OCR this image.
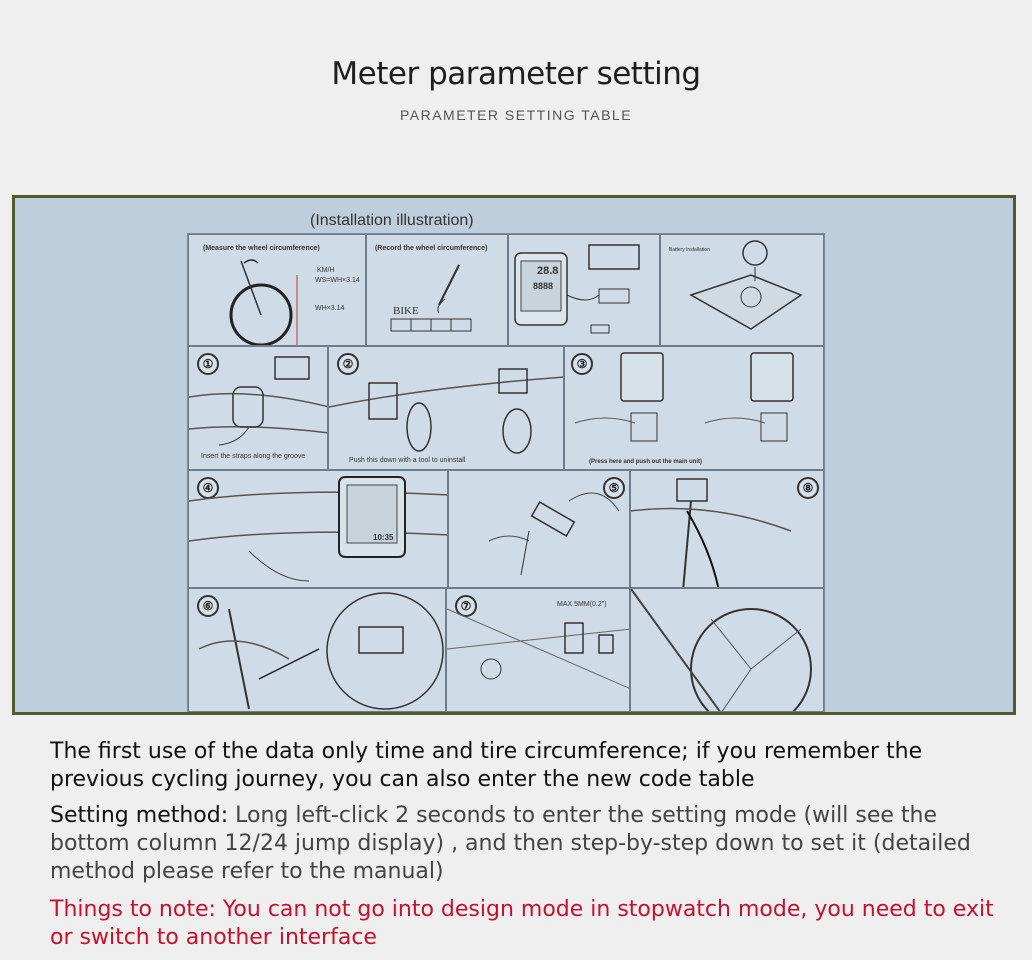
Meter parameter setting
PARAMETER SETTING TABLE
(Installation illustration)
(Measure the wheel circumference)
KM/H
WS=WH×3.14
WH×3.14
(Record the wheel circumference)
BIKE
28.8
8888
Battery installation
①
Insert the straps along the groove
②
Push this down with a tool to uninstall
③
(Press here and push out the main unit)
④
10:35
⑤	⑧
⑥	⑦	MAX 5MM(0.2")
The first use of the data only time and tire circumference; if you remember the previous cycling journey, you can also enter the new code table
Setting method: Long left-click 2 seconds to enter the setting mode (will see the bottom column 12/24 jump display) , and then step-by-step down to set it (detailed method please refer to the manual)
Things to note: You can not go into design mode in stopwatch mode, you need to exit or switch to another interface
